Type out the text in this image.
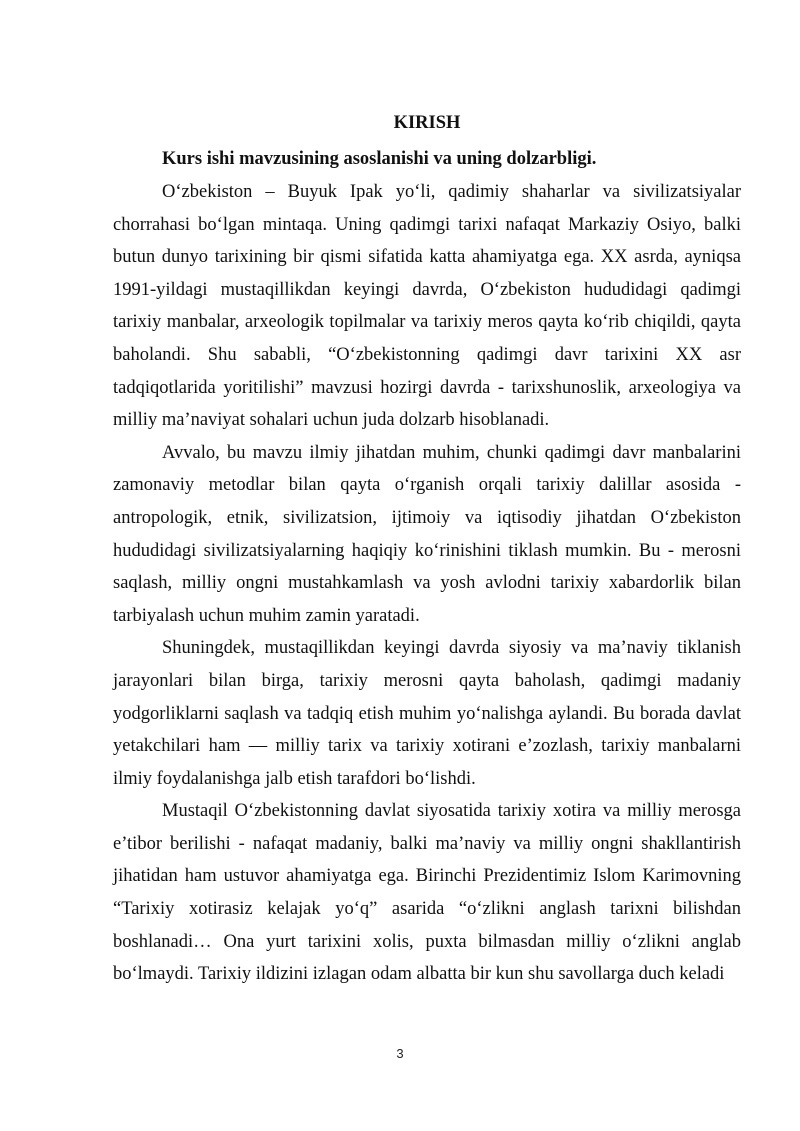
KIRISH
Kurs ishi mavzusining asoslanishi va uning dolzarbligi.

O‘zbekiston – Buyuk Ipak yo‘li, qadimiy shaharlar va sivilizatsiyalar chorrahasi bo‘lgan mintaqa. Uning qadimgi tarixi nafaqat Markaziy Osiyo, balki butun dunyo tarixining bir qismi sifatida katta ahamiyatga ega. XX asrda, ayniqsa 1991-yildagi mustaqillikdan keyingi davrda, O‘zbekiston hududidagi qadimgi tarixiy manbalar, arxeologik topilmalar va tarixiy meros qayta ko‘rib chiqildi, qayta baholandi. Shu sababli, “O‘zbekistonning qadimgi davr tarixini XX asr tadqiqotlarida yoritilishi” mavzusi hozirgi davrda - tarixshunoslik, arxeologiya va milliy ma’naviyat sohalari uchun juda dolzarb hisoblanadi.

Avvalo, bu mavzu ilmiy jihatdan muhim, chunki qadimgi davr manbalarini zamonaviy metodlar bilan qayta o‘rganish orqali tarixiy dalillar asosida - antropologik, etnik, sivilizatsion, ijtimoiy va iqtisodiy jihatdan O‘zbekiston hududidagi sivilizatsiyalarning haqiqiy ko‘rinishini tiklash mumkin. Bu - merosni saqlash, milliy ongni mustahkamlash va yosh avlodni tarixiy xabardorlik bilan tarbiyalash uchun muhim zamin yaratadi.

Shuningdek, mustaqillikdan keyingi davrda siyosiy va ma’naviy tiklanish jarayonlari bilan birga, tarixiy merosni qayta baholash, qadimgi madaniy yodgorliklarni saqlash va tadqiq etish muhim yo‘nalishga aylandi. Bu borada davlat yetakchilari ham — milliy tarix va tarixiy xotirani e’zozlash, tarixiy manbalarni ilmiy foydalanishga jalb etish tarafdori bo‘lishdi.

Mustaqil O‘zbekistonning davlat siyosatida tarixiy xotira va milliy merosga e’tibor berilishi - nafaqat madaniy, balki ma’naviy va milliy ongni shakllantirish jihatidan ham ustuvor ahamiyatga ega. Birinchi Prezidentimiz Islom Karimovning “Tarixiy xotirasiz kelajak yo‘q” asarida “o‘zlikni anglash tarixni bilishdan boshlanadi… Ona yurt tarixini xolis, puxta bilmasdan milliy o‘zlikni anglab bo‘lmaydi. Tarixiy ildizini izlagan odam albatta bir kun shu savollarga duch keladi

3
